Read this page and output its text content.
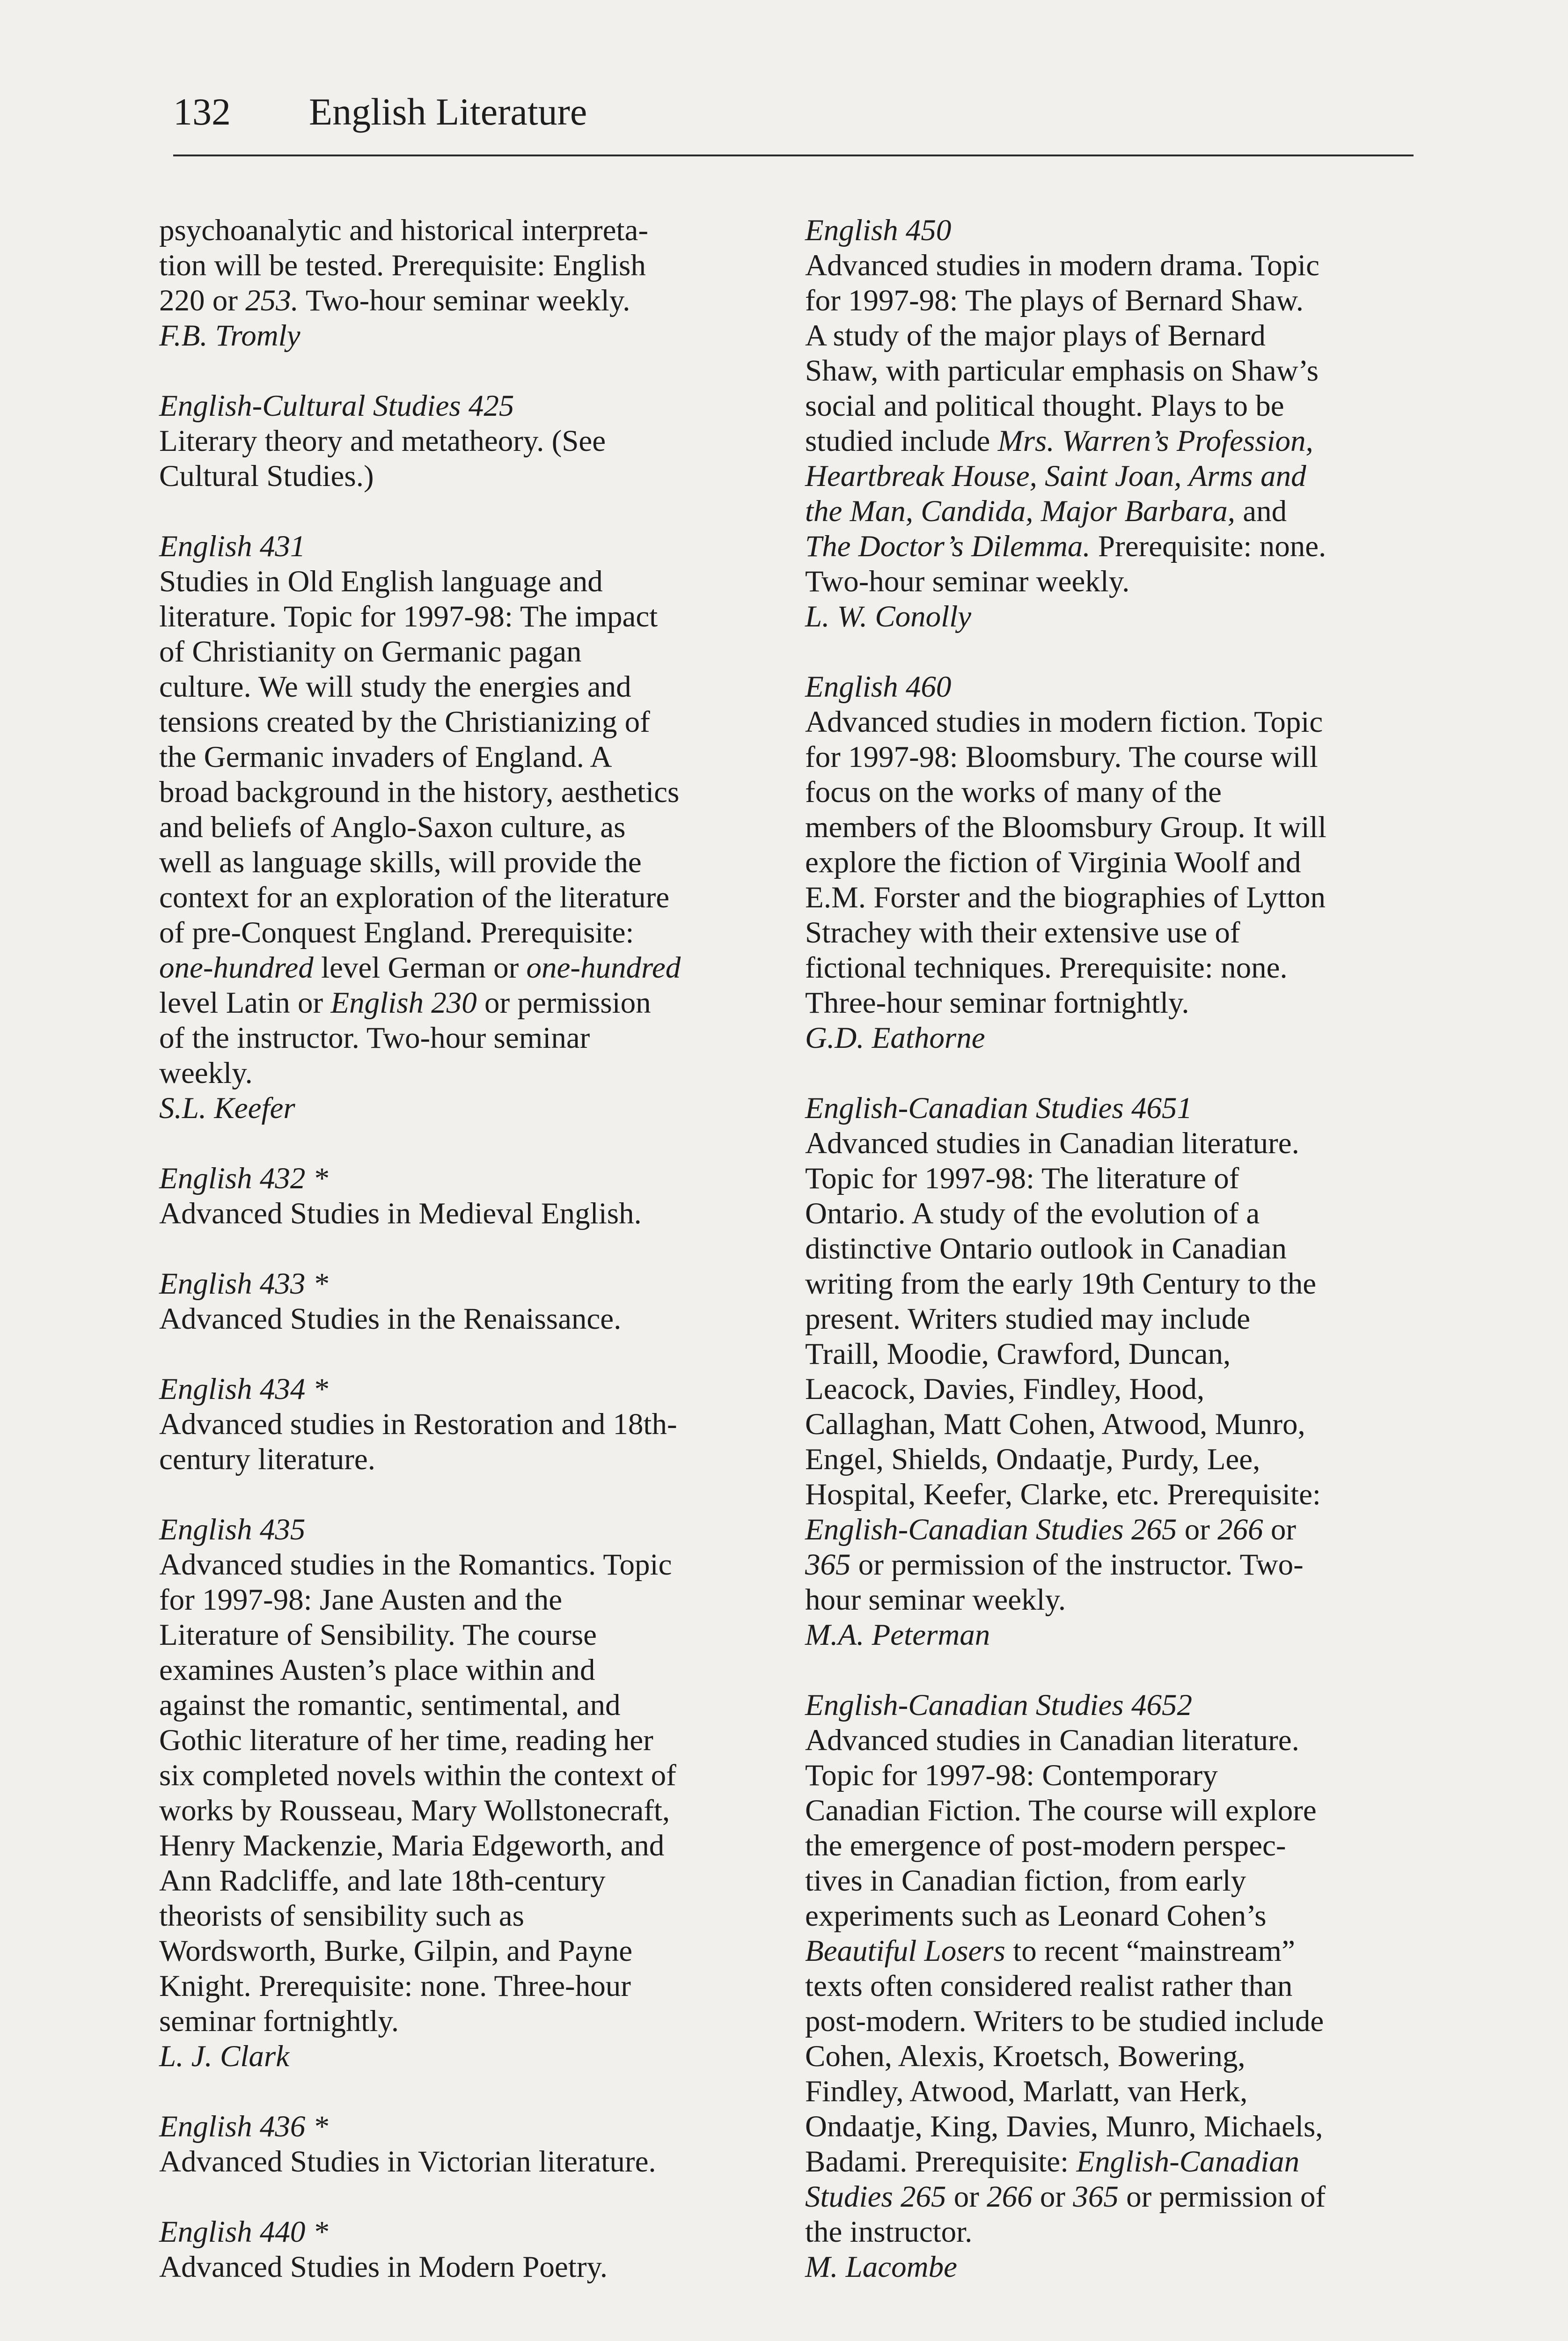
132 English Literature

psychoanalytic and historical interpreta-
tion will be tested. Prerequisite: English
220 or 253. Two-hour seminar weekly.

F.B. Tromly

English-Cultural Studies 425

Literary theory and metatheory. (See
Cultural Studies.)

English 431

Studies in Old English language and
literature. Topic for 1997-98: The impact
of Christianity on Germanic pagan
culture. We will study the energies and
tensions created by the Christianizing of
the Germanic invaders of England. A
broad background in the history, aesthetics
and beliefs of Anglo-Saxon culture, as
well as language skills, will provide the
context for an exploration of the literature
of pre-Conquest England. Prerequisite:
one-hundred level German or one-hundred
level Latin or English 230 or permission
of the instructor. Two-hour seminar
weekly.

S.L. Keefer

English 432 *

Advanced Studies in Medieval English.

English 433 *

Advanced Studies in the Renaissance.

English 434 *

Advanced studies in Restoration and 18th-
century literature.

English 435

Advanced studies in the Romantics. Topic
for 1997-98: Jane Austen and the
Literature of Sensibility. The course
examines Austen’s place within and
against the romantic, sentimental, and
Gothic literature of her time, reading her
six completed novels within the context of
works by Rousseau, Mary Wollstonecraft,
Henry Mackenzie, Maria Edgeworth, and
Ann Radcliffe, and late 18th-century
theorists of sensibility such as
Wordsworth, Burke, Gilpin, and Payne
Knight. Prerequisite: none. Three-hour
seminar fortnightly.

L. J. Clark

English 436 *

Advanced Studies in Victorian literature.

English 440 *

Advanced Studies in Modern Poetry.

English 450

Advanced studies in modern drama. Topic
for 1997-98: The plays of Bernard Shaw.
A study of the major plays of Bernard
Shaw, with particular emphasis on Shaw’s
social and political thought. Plays to be
studied include Mrs. Warren’s Profession,
Heartbreak House, Saint Joan, Arms and
the Man, Candida, Major Barbara, and
The Doctor’s Dilemma. Prerequisite: none.
Two-hour seminar weekly.

L. W. Conolly

English 460

Advanced studies in modern fiction. Topic
for 1997-98: Bloomsbury. The course will
focus on the works of many of the
members of the Bloomsbury Group. It will
explore the fiction of Virginia Woolf and
E.M. Forster and the biographies of Lytton
Strachey with their extensive use of
fictional techniques. Prerequisite: none.
Three-hour seminar fortnightly.

G.D. Eathorne

English-Canadian Studies 4651

Advanced studies in Canadian literature.
Topic for 1997-98: The literature of
Ontario. A study of the evolution of a
distinctive Ontario outlook in Canadian
writing from the early 19th Century to the
present. Writers studied may include
Traill, Moodie, Crawford, Duncan,
Leacock, Davies, Findley, Hood,
Callaghan, Matt Cohen, Atwood, Munro,
Engel, Shields, Ondaatje, Purdy, Lee,
Hospital, Keefer, Clarke, etc. Prerequisite:
English-Canadian Studies 265 or 266 or
365 or permission of the instructor. Two-
hour seminar weekly.

M.A. Peterman

English-Canadian Studies 4652

Advanced studies in Canadian literature.
Topic for 1997-98: Contemporary
Canadian Fiction. The course will explore
the emergence of post-modern perspec-
tives in Canadian fiction, from early
experiments such as Leonard Cohen’s
Beautiful Losers to recent “mainstream”
texts often considered realist rather than
post-modern. Writers to be studied include
Cohen, Alexis, Kroetsch, Bowering,
Findley, Atwood, Marlatt, van Herk,
Ondaatje, King, Davies, Munro, Michaels,
Badami. Prerequisite: English-Canadian
Studies 265 or 266 or 365 or permission of
the instructor.

M. Lacombe
